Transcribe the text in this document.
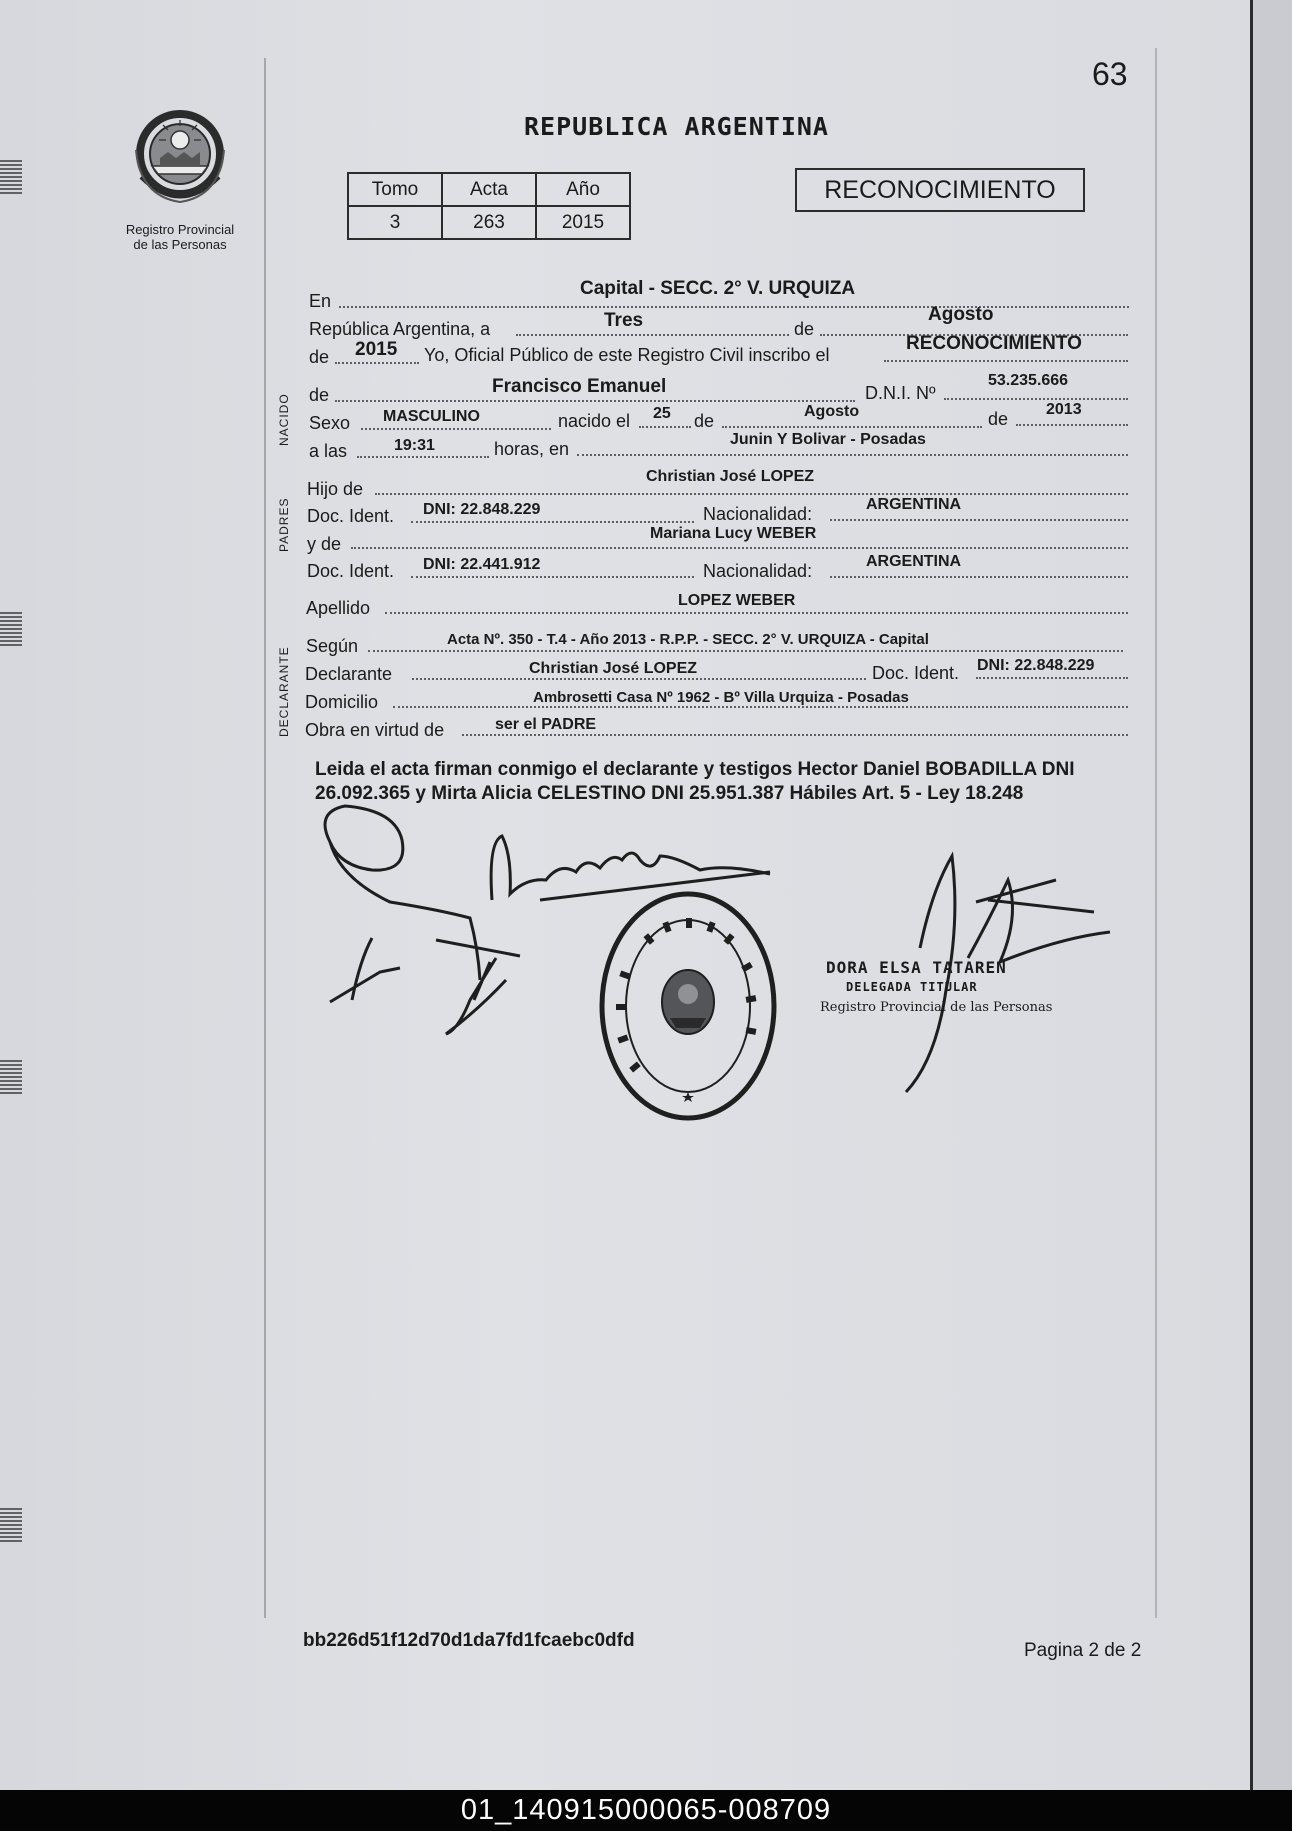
63
Registro Provincial
de las Personas
REPUBLICA ARGENTINA
Tomo	Acta	Año
3	263	2015
RECONOCIMIENTO
NACIDO
PADRES
DECLARANTE
En
Capital - SECC. 2° V. URQUIZA
República Argentina, a	Tres	de
Agosto
de 2015 Yo, Oficial Público de este Registro Civil inscribo el
RECONOCIMIENTO
de	Francisco Emanuel	D.N.I. Nº
53.235.666
Sexo MASCULINO	nacido el 25 de	Agosto	de 2013
a las	19:31	horas, en	Junin Y Bolivar - Posadas
Hijo de
Christian José LOPEZ
Doc. Ident. DNI: 22.848.229	Nacionalidad:	ARGENTINA
y de
Mariana Lucy WEBER
Doc. Ident. DNI: 22.441.912	Nacionalidad:	ARGENTINA
Apellido	LOPEZ WEBER
Según	Acta Nº. 350 - T.4 - Año 2013 - R.P.P. - SECC. 2° V. URQUIZA - Capital
Declarante	Christian José LOPEZ	Doc. Ident. DNI: 22.848.229
Domicilio	Ambrosetti Casa Nº 1962 - Bº Villa Urquiza - Posadas
Obra en virtud de	ser el PADRE
Leida el acta firman conmigo el declarante y testigos Hector Daniel BOBADILLA DNI 26.092.365 y Mirta Alicia CELESTINO DNI 25.951.387 Hábiles Art. 5 - Ley 18.248
DORA ELSA TATAREN
DELEGADA TITULAR
Registro Provincial de las Personas
bb226d51f12d70d1da7fd1fcaebc0dfd	Pagina 2 de 2
01_140915000065-008709
